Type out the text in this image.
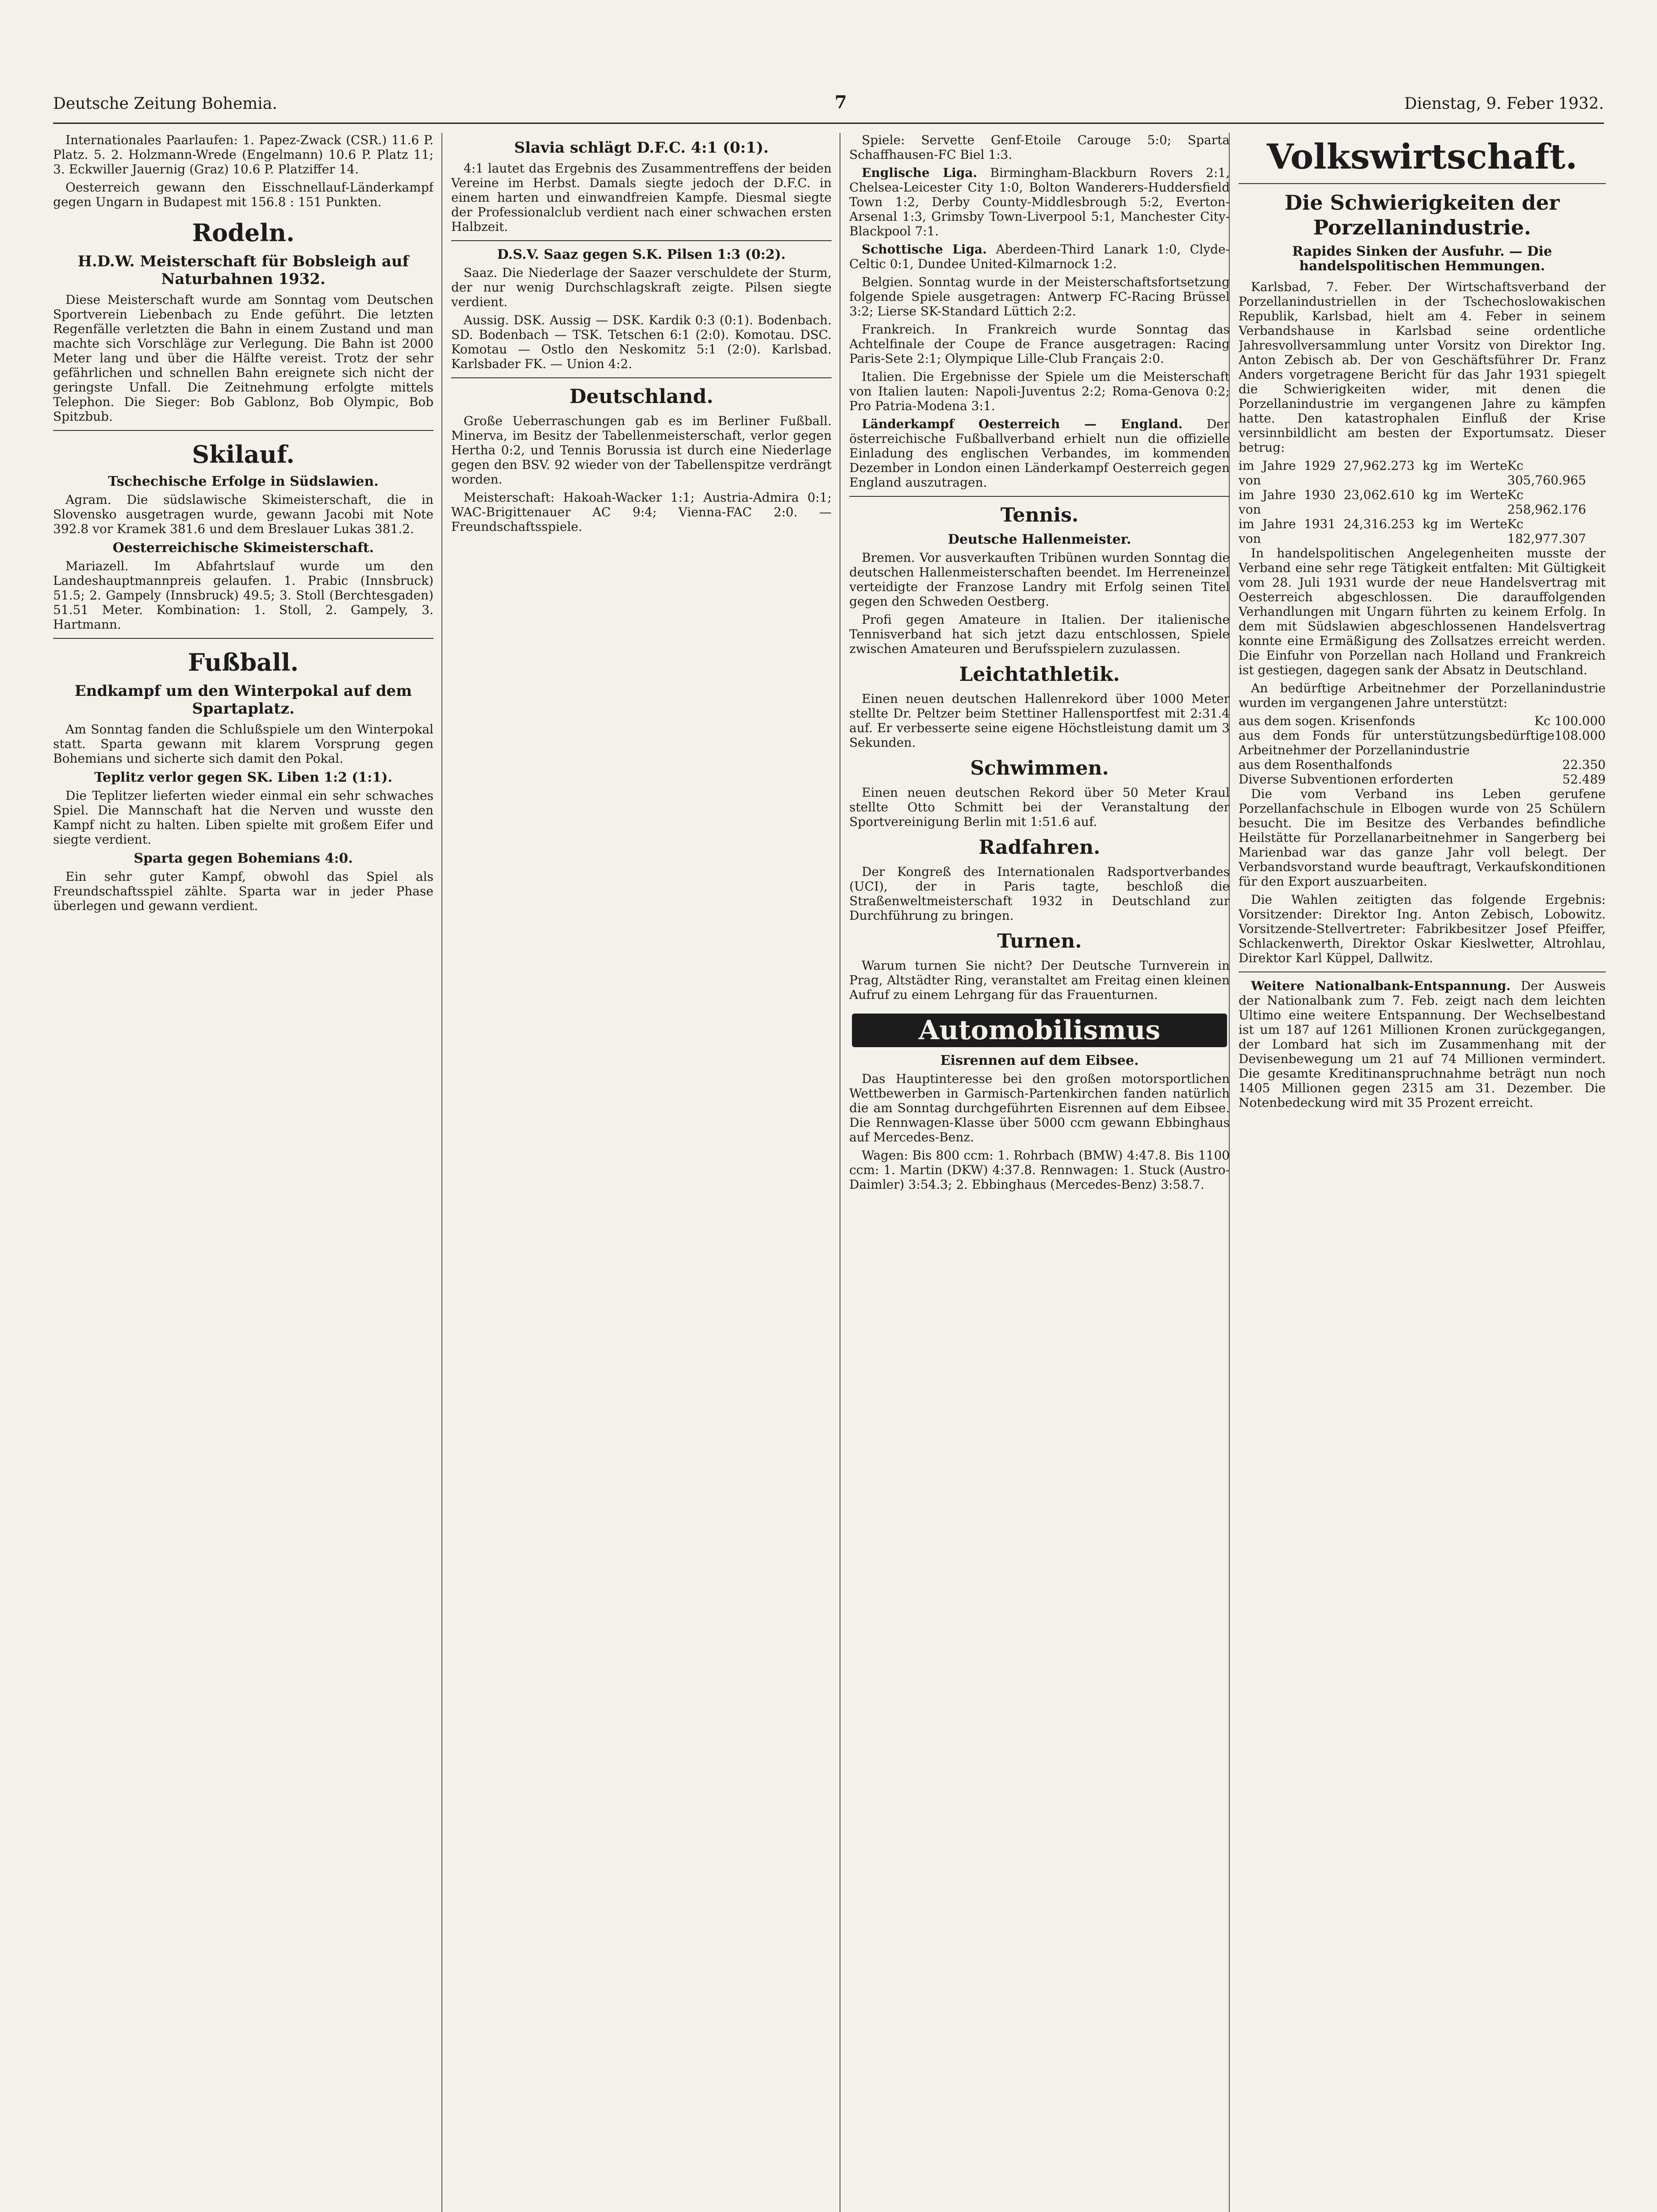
Deutsche Zeitung Bohemia.	7	Dienstag, 9. Feber 1932.

Internationales Paarlaufen: 1. Papez-Zwack (CSR.) 11.6 P. Platz. 5. 2. Holzmann-Wrede (Engelmann) 10.6 P. Platz 11; 3. Eckwiller Jauernig (Graz) 10.6 P. Platziffer 14.

Oesterreich gewann den Eisschnellauf-Länderkampf gegen Ungarn in Budapest mit 156.8 : 151 Punkten.

Rodeln.
H.D.W. Meisterschaft für Bobsleigh auf Naturbahnen 1932.

Diese Meisterschaft wurde am Sonntag vom Deutschen Sportverein Liebenbach zu Ende geführt. Die letzten Regenfälle verletzten die Bahn in einem Zustand und man machte sich Vorschläge zur Verlegung. Die Bahn ist 2000 Meter lang und über die Hälfte vereist. Trotz der sehr gefährlichen und schnellen Bahn ereignete sich nicht der geringste Unfall. Die Zeitnehmung erfolgte mittels Telephon. Die Sieger: Bob Gablonz, Bob Olympic, Bob Spitzbub.

Skilauf.
Tschechische Erfolge in Südslawien.

Agram. Die südslawische Skimeisterschaft, die in Slovensko ausgetragen wurde, gewann Jacobi mit Note 392.8 vor Kramek 381.6 und dem Breslauer Lukas 381.2.

Oesterreichische Skimeisterschaft.

Mariazell. Im Abfahrtslauf wurde um den Landeshauptmannpreis gelaufen. 1. Prabic (Innsbruck) 51.5; 2. Gampely (Innsbruck) 49.5; 3. Stoll (Berchtesgaden) 51.51 Meter. Kombination: 1. Stoll, 2. Gampely, 3. Hartmann.

Fußball.
Endkampf um den Winterpokal auf dem Spartaplatz.

Am Sonntag fanden die Schlußspiele um den Winterpokal statt. Sparta gewann mit klarem Vorsprung gegen Bohemians und sicherte sich damit den Pokal.

Teplitz verlor gegen SK. Liben 1:2 (1:1).

Die Teplitzer lieferten wieder einmal ein sehr schwaches Spiel. Die Mannschaft hat die Nerven und wusste den Kampf nicht zu halten. Liben spielte mit großem Eifer und siegte verdient.

Sparta gegen Bohemians 4:0.

Ein sehr guter Kampf, obwohl das Spiel als Freundschaftsspiel zählte. Sparta war in jeder Phase überlegen und gewann verdient.

Slavia schlägt D.F.C. 4:1 (0:1).

4:1 lautet das Ergebnis des Zusammentreffens der beiden Vereine im Herbst. Damals siegte jedoch der D.F.C. in einem harten und einwandfreien Kampfe. Diesmal siegte der Professionalclub verdient nach einer schwachen ersten Halbzeit.

D.S.V. Saaz gegen S.K. Pilsen 1:3 (0:2).

Saaz. Die Niederlage der Saazer verschuldete der Sturm, der nur wenig Durchschlagskraft zeigte. Pilsen siegte verdient.

Aussig. DSK. Aussig — DSK. Kardik 0:3 (0:1). Bodenbach. SD. Bodenbach — TSK. Tetschen 6:1 (2:0). Komotau. DSC. Komotau — Ostlo den Neskomitz 5:1 (2:0). Karlsbad. Karlsbader FK. — Union 4:2.

Deutschland.

Große Ueberraschungen gab es im Berliner Fußball. Minerva, im Besitz der Tabellenmeisterschaft, verlor gegen Hertha 0:2, und Tennis Borussia ist durch eine Niederlage gegen den BSV. 92 wieder von der Tabellenspitze verdrängt worden.

Meisterschaft: Hakoah-Wacker 1:1; Austria-Admira 0:1; WAC-Brigittenauer AC 9:4; Vienna-FAC 2:0. — Freundschaftsspiele.

Spiele: Servette Genf-Etoile Carouge 5:0; Sparta Schaffhausen-FC Biel 1:3.

Englische Liga. Birmingham-Blackburn Rovers 2:1, Chelsea-Leicester City 1:0, Bolton Wanderers-Huddersfield Town 1:2, Derby County-Middlesbrough 5:2, Everton-Arsenal 1:3, Grimsby Town-Liverpool 5:1, Manchester City-Blackpool 7:1.

Schottische Liga. Aberdeen-Third Lanark 1:0, Clyde-Celtic 0:1, Dundee United-Kilmarnock 1:2.

Belgien. Sonntag wurde in der Meisterschaftsfortsetzung folgende Spiele ausgetragen: Antwerp FC-Racing Brüssel 3:2; Lierse SK-Standard Lüttich 2:2.

Frankreich. In Frankreich wurde Sonntag das Achtelfinale der Coupe de France ausgetragen: Racing Paris-Sete 2:1; Olympique Lille-Club Français 2:0.

Italien. Die Ergebnisse der Spiele um die Meisterschaft von Italien lauten: Napoli-Juventus 2:2; Roma-Genova 0:2; Pro Patria-Modena 3:1.

Länderkampf Oesterreich — England. Der österreichische Fußballverband erhielt nun die offizielle Einladung des englischen Verbandes, im kommenden Dezember in London einen Länderkampf Oesterreich gegen England auszutragen.

Tennis.
Deutsche Hallenmeister.

Bremen. Vor ausverkauften Tribünen wurden Sonntag die deutschen Hallenmeisterschaften beendet. Im Herreneinzel verteidigte der Franzose Landry mit Erfolg seinen Titel gegen den Schweden Oestberg.

Profi gegen Amateure in Italien. Der italienische Tennisverband hat sich jetzt dazu entschlossen, Spiele zwischen Amateuren und Berufsspielern zuzulassen.

Leichtathletik.

Einen neuen deutschen Hallenrekord über 1000 Meter stellte Dr. Peltzer beim Stettiner Hallensportfest mit 2:31.4 auf. Er verbesserte seine eigene Höchstleistung damit um 3 Sekunden.

Schwimmen.

Einen neuen deutschen Rekord über 50 Meter Kraul stellte Otto Schmitt bei der Veranstaltung der Sportvereinigung Berlin mit 1:51.6 auf.

Radfahren.

Der Kongreß des Internationalen Radsportverbandes (UCI), der in Paris tagte, beschloß die Straßenweltmeisterschaft 1932 in Deutschland zur Durchführung zu bringen.

Turnen.

Warum turnen Sie nicht? Der Deutsche Turnverein in Prag, Altstädter Ring, veranstaltet am Freitag einen kleinen Aufruf zu einem Lehrgang für das Frauenturnen.

Automobilismus
Eisrennen auf dem Eibsee.

Das Hauptinteresse bei den großen motorsportlichen Wettbewerben in Garmisch-Partenkirchen fanden natürlich die am Sonntag durchgeführten Eisrennen auf dem Eibsee. Die Rennwagen-Klasse über 5000 ccm gewann Ebbinghaus auf Mercedes-Benz.

Wagen: Bis 800 ccm: 1. Rohrbach (BMW) 4:47.8. Bis 1100 ccm: 1. Martin (DKW) 4:37.8. Rennwagen: 1. Stuck (Austro-Daimler) 3:54.3; 2. Ebbinghaus (Mercedes-Benz) 3:58.7.

Volkswirtschaft.
Die Schwierigkeiten der Porzellanindustrie.
Rapides Sinken der Ausfuhr. — Die handelspolitischen Hemmungen.

Karlsbad, 7. Feber. Der Wirtschaftsverband der Porzellanindustriellen in der Tschechoslowakischen Republik, Karlsbad, hielt am 4. Feber in seinem Verbandshause in Karlsbad seine ordentliche Jahresvollversammlung unter Vorsitz von Direktor Ing. Anton Zebisch ab. Der von Geschäftsführer Dr. Franz Anders vorgetragene Bericht für das Jahr 1931 spiegelt die Schwierigkeiten wider, mit denen die Porzellanindustrie im vergangenen Jahre zu kämpfen hatte. Den katastrophalen Einfluß der Krise versinnbildlicht am besten der Exportumsatz. Dieser betrug:

im Jahre 1929 27,962.273 kg im Werte von
Kc 305,760.965
im Jahre 1930 23,062.610 kg im Werte von
Kc 258,962.176
im Jahre 1931 24,316.253 kg im Werte von
Kc 182,977.307

In handelspolitischen Angelegenheiten musste der Verband eine sehr rege Tätigkeit entfalten: Mit Gültigkeit vom 28. Juli 1931 wurde der neue Handelsvertrag mit Oesterreich abgeschlossen. Die darauffolgenden Verhandlungen mit Ungarn führten zu keinem Erfolg. In dem mit Südslawien abgeschlossenen Handelsvertrag konnte eine Ermäßigung des Zollsatzes erreicht werden. Die Einfuhr von Porzellan nach Holland und Frankreich ist gestiegen, dagegen sank der Absatz in Deutschland.

An bedürftige Arbeitnehmer der Porzellanindustrie wurden im vergangenen Jahre unterstützt:

aus dem sogen. Krisenfonds	Kc 100.000
aus dem Fonds für unterstützungsbedürftige Arbeitnehmer der Porzellanindustrie
108.000
aus dem Rosenthalfonds	22.350
Diverse Subventionen erforderten	52.489

Die vom Verband ins Leben gerufene Porzellanfachschule in Elbogen wurde von 25 Schülern besucht. Die im Besitze des Verbandes befindliche Heilstätte für Porzellanarbeitnehmer in Sangerberg bei Marienbad war das ganze Jahr voll belegt. Der Verbandsvorstand wurde beauftragt, Verkaufskonditionen für den Export auszuarbeiten.

Die Wahlen zeitigten das folgende Ergebnis: Vorsitzender: Direktor Ing. Anton Zebisch, Lobowitz. Vorsitzende-Stellvertreter: Fabrikbesitzer Josef Pfeiffer, Schlackenwerth, Direktor Oskar Kieslwetter, Altrohlau, Direktor Karl Küppel, Dallwitz.

Weitere Nationalbank-Entspannung. Der Ausweis der Nationalbank zum 7. Feb. zeigt nach dem leichten Ultimo eine weitere Entspannung. Der Wechselbestand ist um 187 auf 1261 Millionen Kronen zurückgegangen, der Lombard hat sich im Zusammenhang mit der Devisenbewegung um 21 auf 74 Millionen vermindert. Die gesamte Kreditinanspruchnahme beträgt nun noch 1405 Millionen gegen 2315 am 31. Dezember. Die Notenbedeckung wird mit 35 Prozent erreicht.
